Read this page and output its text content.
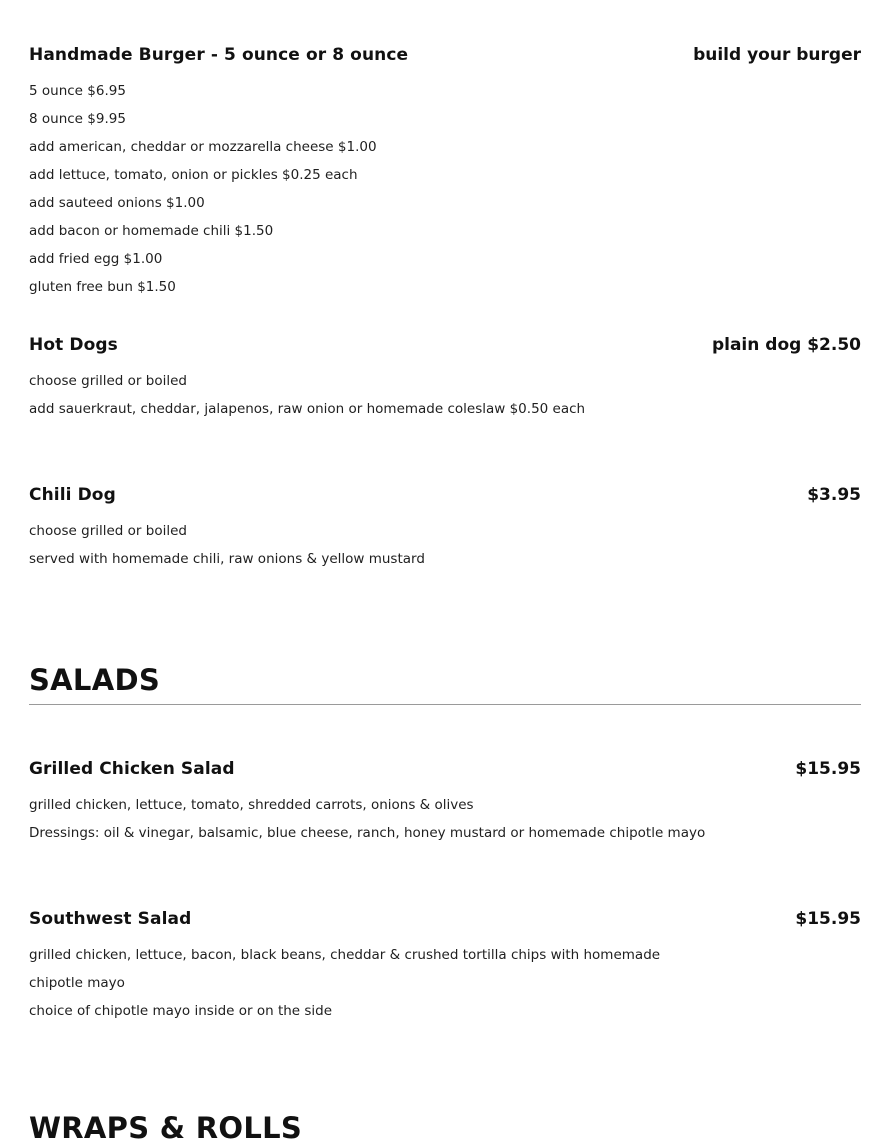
Handmade Burger - 5 ounce or 8 ounce	build your burger

5 ounce $6.95

8 ounce $9.95

add american, cheddar or mozzarella cheese $1.00

add lettuce, tomato, onion or pickles $0.25 each

add sauteed onions $1.00

add bacon or homemade chili $1.50

add fried egg $1.00

gluten free bun $1.50

Hot Dogs	plain dog $2.50

choose grilled or boiled

add sauerkraut, cheddar, jalapenos, raw onion or homemade coleslaw $0.50 each

Chili Dog	$3.95

choose grilled or boiled

served with homemade chili, raw onions & yellow mustard

SALADS
Grilled Chicken Salad	$15.95

grilled chicken, lettuce, tomato, shredded carrots, onions & olives

Dressings: oil & vinegar, balsamic, blue cheese, ranch, honey mustard or homemade chipotle mayo

Southwest Salad	$15.95

grilled chicken, lettuce, bacon, black beans, cheddar & crushed tortilla chips with homemade chipotle mayo

choice of chipotle mayo inside or on the side

WRAPS & ROLLS
